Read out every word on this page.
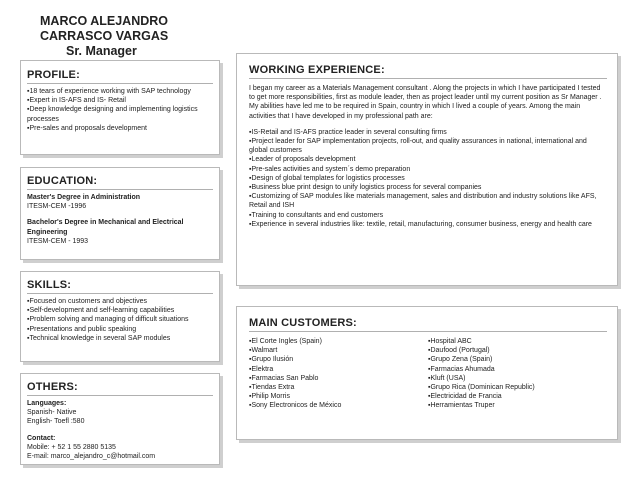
MARCO ALEJANDRO
CARRASCO VARGAS
Sr. Manager
PROFILE:
▪18 tears of experience working with SAP technology
▪Expert in IS-AFS and IS- Retail
▪Deep knowledge designing and implementing logistics processes
▪Pre-sales and proposals development
EDUCATION:
Master's Degree in Administration
ITESM-CEM -1996
Bachelor's Degree in Mechanical and Electrical Engineering
ITESM-CEM - 1993
SKILLS:
▪Focused on customers and objectives
▪Self-development and self-learning capabilities
▪Problem solving and managing of difficult situations
▪Presentations and public speaking
▪Technical knowledge in several SAP modules
OTHERS:
Languages:
Spanish- Native
English- Toefl :580
Contact:
Mobile: + 52 1 55 2880 5135
E-mail: marco_alejandro_c@hotmail.com
WORKING EXPERIENCE:
I began my career as a Materials Management consultant . Along the projects in which I have participated I tested to get more responsibilities, first as module leader, then as project leader until my current position as Sr Manager . My abilities have led me to be required in Spain, country in which I lived a couple of years. Among the main activities that I have developed in my professional path are:
▪IS-Retail and IS-AFS practice leader in several consulting firms
▪Project leader for SAP implementation projects, roll-out, and quality assurances in national, international and global customers
▪Leader of proposals development
▪Pre-sales activities and system´s demo preparation
▪Design of global templates for logistics processes
▪Business blue print design to unify logistics process for several companies
▪Customizing of SAP modules like materials management, sales and distribution and industry solutions like AFS, Retail and ISH
▪Training to consultants and end customers
▪Experience in several industries like: textile, retail, manufacturing, consumer business, energy and health care
MAIN CUSTOMERS:
▪El Corte Ingles (Spain)
▪Walmart
▪Grupo Ilusión
▪Elektra
▪Farmacias San Pablo
▪Tiendas Extra
▪Philip Morris
▪Sony Electronicos de México
▪Hospital ABC
▪Daufood (Portugal)
▪Grupo Zena (Spain)
▪Farmacias Ahumada
▪Kluft (USA)
▪Grupo Rica (Dominican Republic)
▪Electricidad de Francia
▪Herramientas Truper
